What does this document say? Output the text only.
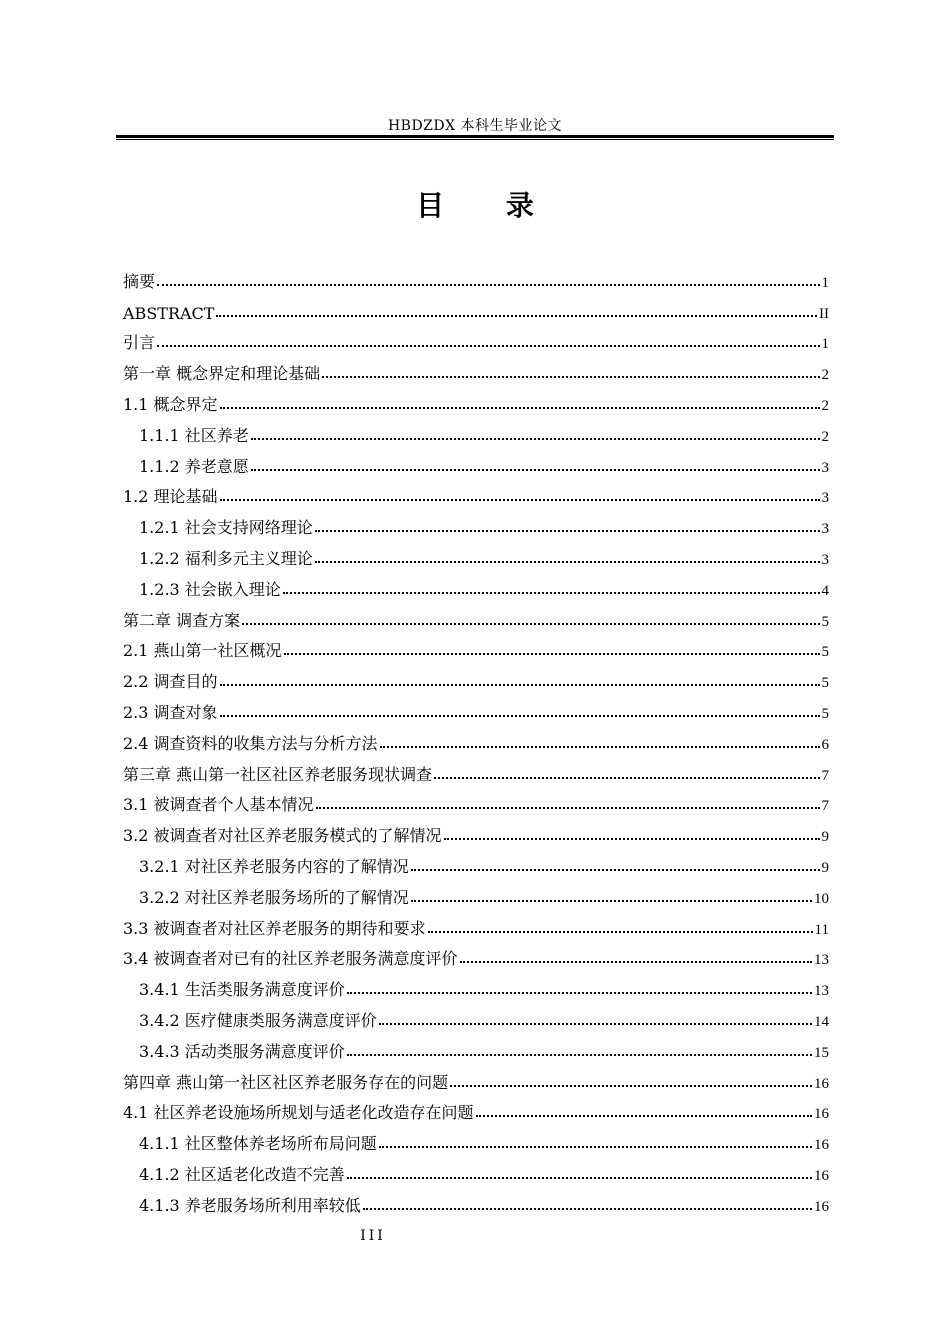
HBDZDX 本科生毕业论文
目 录
摘要	1
ABSTRACT	II
引言	1
第一章 概念界定和理论基础	2
1.1 概念界定	2
1.1.1 社区养老	2
1.1.2 养老意愿	3
1.2 理论基础	3
1.2.1 社会支持网络理论	3
1.2.2 福利多元主义理论	3
1.2.3 社会嵌入理论	4
第二章 调查方案	5
2.1 燕山第一社区概况	5
2.2 调查目的	5
2.3 调查对象	5
2.4 调查资料的收集方法与分析方法	6
第三章 燕山第一社区社区养老服务现状调查	7
3.1 被调查者个人基本情况	7
3.2 被调查者对社区养老服务模式的了解情况	9
3.2.1 对社区养老服务内容的了解情况	9
3.2.2 对社区养老服务场所的了解情况	10
3.3 被调查者对社区养老服务的期待和要求	11
3.4 被调查者对已有的社区养老服务满意度评价	13
3.4.1 生活类服务满意度评价	13
3.4.2 医疗健康类服务满意度评价	14
3.4.3 活动类服务满意度评价	15
第四章 燕山第一社区社区养老服务存在的问题	16
4.1 社区养老设施场所规划与适老化改造存在问题	16
4.1.1 社区整体养老场所布局问题	16
4.1.2 社区适老化改造不完善	16
4.1.3 养老服务场所利用率较低	16
III
